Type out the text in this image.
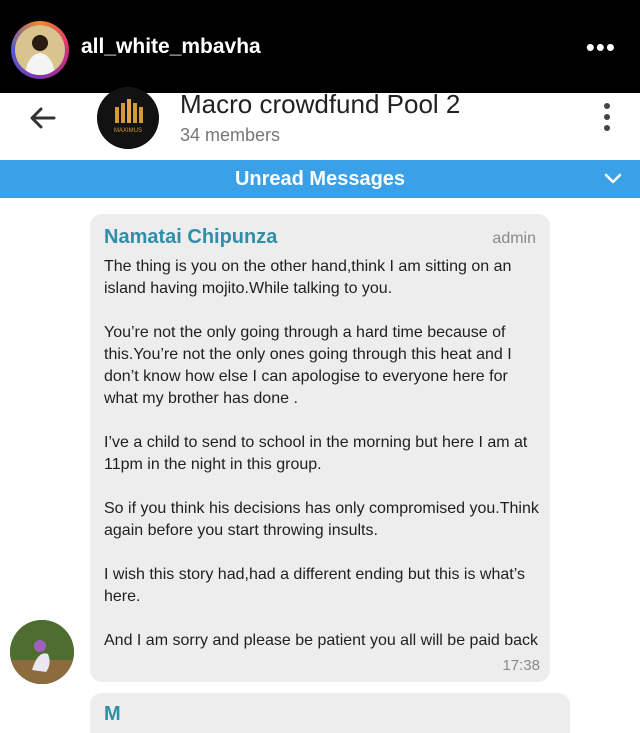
all_white_mbavha	•••
MAXIMUS
Macro crowdfund Pool 2
34 members
Unread Messages
Namatai Chipunza	admin

The thing is you on the other hand,think I am sitting on an island having mojito.While talking to you.

You’re not the only going through a hard time because of this.You’re not the only ones going through this heat and I don’t know how else I can apologise to everyone here for what my brother has done .

I’ve a child to send to school in the morning but here I am at 11pm in the night in this group.

So if you think his decisions has only compromised you.Think again before you start throwing insults.

I wish this story had,had a different ending but this is what’s here.

And I am sorry and please be patient you all will be paid back

17:38
M
